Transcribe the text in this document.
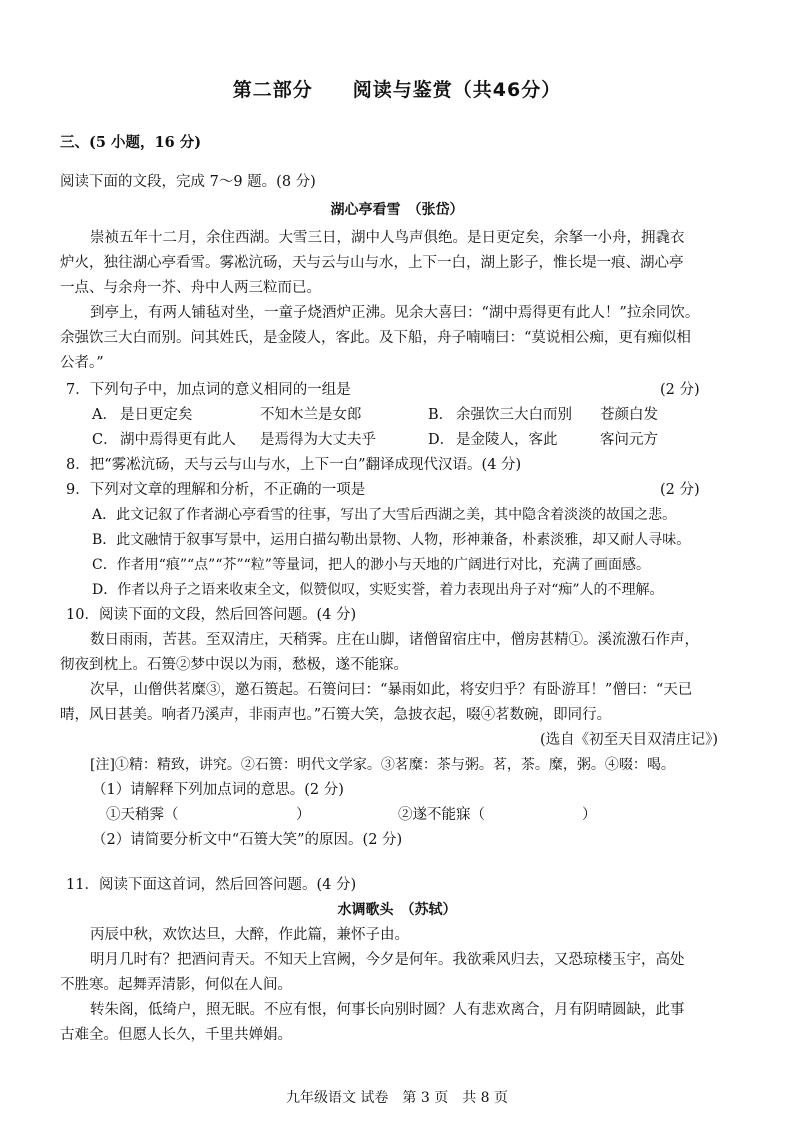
第二部分　　阅读与鉴赏（共46分）
三、(5 小题，16 分)
阅读下面的文段，完成 7～9 题。(8 分)
湖心亭看雪　（张岱）
崇祯五年十二月，余住西湖。大雪三日，湖中人鸟声俱绝。是日更定矣，余拏一小舟，拥毳衣
炉火，独往湖心亭看雪。雾凇沆砀，天与云与山与水，上下一白，湖上影子，惟长堤一痕、湖心亭
一点、与余舟一芥、舟中人两三粒而已。
到亭上，有两人铺毡对坐，一童子烧酒炉正沸。见余大喜曰：“湖中焉得更有此人！”拉余同饮。
余强饮三大白而别。问其姓氏，是金陵人，客此。及下船，舟子喃喃曰：“莫说相公痴，更有痴似相
公者。”
7．下列句子中，加点词的意义相同的一组是	(2 分)
A． 是日更定矣	不知木兰是女郎	B． 余强饮三大白而别 苍颜白发
C． 湖中焉得更有此人 是焉得为大丈夫乎	D． 是金陵人，客此	客问元方
8．把“雾凇沆砀，天与云与山与水，上下一白”翻译成现代汉语。(4 分)
9．下列对文章的理解和分析，不正确的一项是	(2 分)
A．此文记叙了作者湖心亭看雪的往事，写出了大雪后西湖之美，其中隐含着淡淡的故国之悲。
B．此文融情于叙事写景中，运用白描勾勒出景物、人物，形神兼备，朴素淡雅，却又耐人寻味。
C．作者用“痕”“点”“芥”“粒”等量词，把人的渺小与天地的广阔进行对比，充满了画面感。
D．作者以舟子之语来收束全文，似赞似叹，实贬实誉，着力表现出舟子对“痴”人的不理解。
10．阅读下面的文段，然后回答问题。(4 分)
数日雨雨，苦甚。至双清庄，天稍霁。庄在山脚，诸僧留宿庄中，僧房甚精①。溪流激石作声，
彻夜到枕上。石篑②梦中误以为雨，愁极，遂不能寐。
次早，山僧供茗糜③，邀石篑起。石篑问曰：“暴雨如此，将安归乎？有卧游耳！”僧曰：“天已
晴，风日甚美。响者乃溪声，非雨声也。”石篑大笑，急披衣起，啜④茗数碗，即同行。
(选自《初至天目双清庄记》)
[注]①精：精致，讲究。②石篑：明代文学家。③茗糜：茶与粥。茗，茶。糜，粥。④啜：喝。
（1）请解释下列加点词的意思。(2 分)
①天稍霁（	）	②遂不能寐（	）
（2）请简要分析文中“石篑大笑”的原因。(2 分)
11．阅读下面这首词，然后回答问题。(4 分)
水调歌头　（苏轼）
丙辰中秋，欢饮达旦，大醉，作此篇，兼怀子由。
明月几时有？把酒问青天。不知天上宫阙，今夕是何年。我欲乘风归去，又恐琼楼玉宇，高处
不胜寒。起舞弄清影，何似在人间。
转朱阁，低绮户，照无眠。不应有恨，何事长向别时圆？人有悲欢离合，月有阴晴圆缺，此事
古难全。但愿人长久，千里共婵娟。
九年级语文 试卷　第 3 页　共 8 页
